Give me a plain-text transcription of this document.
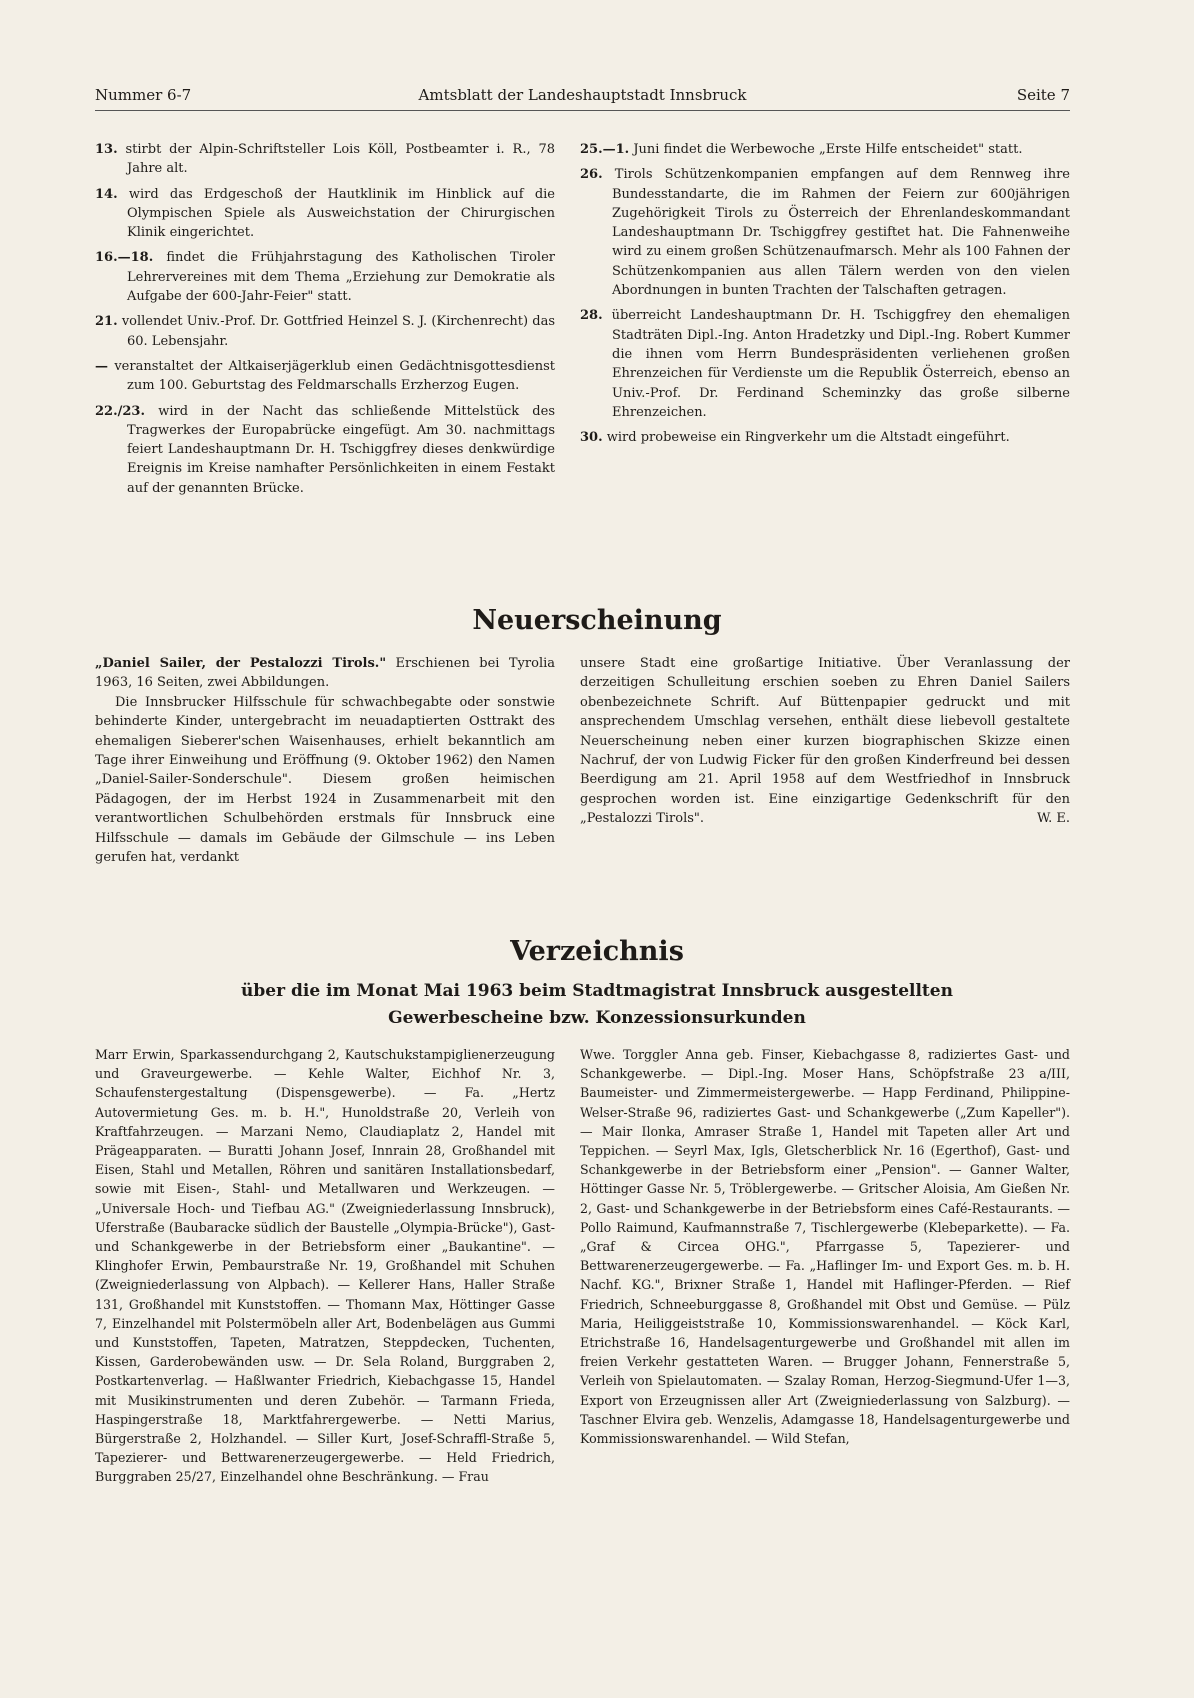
Nummer 6-7	Amtsblatt der Landeshauptstadt Innsbruck	Seite 7

13. stirbt der Alpin-Schriftsteller Lois Köll, Postbeamter i. R., 78 Jahre alt.

14. wird das Erdgeschoß der Hautklinik im Hinblick auf die Olympischen Spiele als Ausweichstation der Chirurgischen Klinik eingerichtet.

16.—18. findet die Frühjahrstagung des Katholischen Tiroler Lehrervereines mit dem Thema „Erziehung zur Demokratie als Aufgabe der 600-Jahr-Feier" statt.

21. vollendet Univ.-Prof. Dr. Gottfried Heinzel S. J. (Kirchenrecht) das 60. Lebensjahr.

— veranstaltet der Altkaiserjägerklub einen Gedächtnisgottesdienst zum 100. Geburtstag des Feldmarschalls Erzherzog Eugen.

22./23. wird in der Nacht das schließende Mittelstück des Tragwerkes der Europabrücke eingefügt. Am 30. nachmittags feiert Landeshauptmann Dr. H. Tschiggfrey dieses denkwürdige Ereignis im Kreise namhafter Persönlichkeiten in einem Festakt auf der genannten Brücke.

25.—1. Juni findet die Werbewoche „Erste Hilfe entscheidet" statt.

26. Tirols Schützenkompanien empfangen auf dem Rennweg ihre Bundesstandarte, die im Rahmen der Feiern zur 600jährigen Zugehörigkeit Tirols zu Österreich der Ehrenlandeskommandant Landeshauptmann Dr. Tschiggfrey gestiftet hat. Die Fahnenweihe wird zu einem großen Schützenaufmarsch. Mehr als 100 Fahnen der Schützenkompanien aus allen Tälern werden von den vielen Abordnungen in bunten Trachten der Talschaften getragen.

28. überreicht Landeshauptmann Dr. H. Tschiggfrey den ehemaligen Stadträten Dipl.-Ing. Anton Hradetzky und Dipl.-Ing. Robert Kummer die ihnen vom Herrn Bundespräsidenten verliehenen großen Ehrenzeichen für Verdienste um die Republik Österreich, ebenso an Univ.-Prof. Dr. Ferdinand Scheminzky das große silberne Ehrenzeichen.

30. wird probeweise ein Ringverkehr um die Altstadt eingeführt.

Neuerscheinung

„Daniel Sailer, der Pestalozzi Tirols." Erschienen bei Tyrolia 1963, 16 Seiten, zwei Abbildungen.

Die Innsbrucker Hilfsschule für schwachbegabte oder sonstwie behinderte Kinder, untergebracht im neuadaptierten Osttrakt des ehemaligen Sieberer'schen Waisenhauses, erhielt bekanntlich am Tage ihrer Einweihung und Eröffnung (9. Oktober 1962) den Namen „Daniel-Sailer-Sonderschule". Diesem großen heimischen Pädagogen, der im Herbst 1924 in Zusammenarbeit mit den verantwortlichen Schulbehörden erstmals für Innsbruck eine Hilfsschule — damals im Gebäude der Gilmschule — ins Leben gerufen hat, verdankt

unsere Stadt eine großartige Initiative. Über Veranlassung der derzeitigen Schulleitung erschien soeben zu Ehren Daniel Sailers obenbezeichnete Schrift. Auf Büttenpapier gedruckt und mit ansprechendem Umschlag versehen, enthält diese liebevoll gestaltete Neuerscheinung neben einer kurzen biographischen Skizze einen Nachruf, der von Ludwig Ficker für den großen Kinderfreund bei dessen Beerdigung am 21. April 1958 auf dem Westfriedhof in Innsbruck gesprochen worden ist. Eine einzigartige Gedenkschrift für den „Pestalozzi Tirols".	W. E.

Verzeichnis
über die im Monat Mai 1963 beim Stadtmagistrat Innsbruck ausgestellten
Gewerbescheine bzw. Konzessionsurkunden

Marr Erwin, Sparkassendurchgang 2, Kautschukstampiglienerzeugung und Graveurgewerbe. — Kehle Walter, Eichhof Nr. 3, Schaufenstergestaltung (Dispensgewerbe). — Fa. „Hertz Autovermietung Ges. m. b. H.", Hunoldstraße 20, Verleih von Kraftfahrzeugen. — Marzani Nemo, Claudiaplatz 2, Handel mit Prägeapparaten. — Buratti Johann Josef, Innrain 28, Großhandel mit Eisen, Stahl und Metallen, Röhren und sanitären Installationsbedarf, sowie mit Eisen-, Stahl- und Metallwaren und Werkzeugen. — „Universale Hoch- und Tiefbau AG." (Zweigniederlassung Innsbruck), Uferstraße (Baubaracke südlich der Baustelle „Olympia-Brücke"), Gast- und Schankgewerbe in der Betriebsform einer „Baukantine". — Klinghofer Erwin, Pembaurstraße Nr. 19, Großhandel mit Schuhen (Zweigniederlassung von Alpbach). — Kellerer Hans, Haller Straße 131, Großhandel mit Kunststoffen. — Thomann Max, Höttinger Gasse 7, Einzelhandel mit Polstermöbeln aller Art, Bodenbelägen aus Gummi und Kunststoffen, Tapeten, Matratzen, Steppdecken, Tuchenten, Kissen, Garderobewänden usw. — Dr. Sela Roland, Burggraben 2, Postkartenverlag. — Haßlwanter Friedrich, Kiebachgasse 15, Handel mit Musikinstrumenten und deren Zubehör. — Tarmann Frieda, Haspingerstraße 18, Marktfahrergewerbe. — Netti Marius, Bürgerstraße 2, Holzhandel. — Siller Kurt, Josef-Schraffl-Straße 5, Tapezierer- und Bettwarenerzeugergewerbe. — Held Friedrich, Burggraben 25/27, Einzelhandel ohne Beschränkung. — Frau

Wwe. Torggler Anna geb. Finser, Kiebachgasse 8, radiziertes Gast- und Schankgewerbe. — Dipl.-Ing. Moser Hans, Schöpfstraße 23 a/III, Baumeister- und Zimmermeistergewerbe. — Happ Ferdinand, Philippine-Welser-Straße 96, radiziertes Gast- und Schankgewerbe („Zum Kapeller"). — Mair Ilonka, Amraser Straße 1, Handel mit Tapeten aller Art und Teppichen. — Seyrl Max, Igls, Gletscherblick Nr. 16 (Egerthof), Gast- und Schankgewerbe in der Betriebsform einer „Pension". — Ganner Walter, Höttinger Gasse Nr. 5, Tröblergewerbe. — Gritscher Aloisia, Am Gießen Nr. 2, Gast- und Schankgewerbe in der Betriebsform eines Café-Restaurants. — Pollo Raimund, Kaufmannstraße 7, Tischlergewerbe (Klebeparkette). — Fa. „Graf & Circea OHG.", Pfarrgasse 5, Tapezierer- und Bettwarenerzeugergewerbe. — Fa. „Haflinger Im- und Export Ges. m. b. H. Nachf. KG.", Brixner Straße 1, Handel mit Haflinger-Pferden. — Rief Friedrich, Schneeburggasse 8, Großhandel mit Obst und Gemüse. — Pülz Maria, Heiliggeiststraße 10, Kommissionswarenhandel. — Köck Karl, Etrichstraße 16, Handelsagenturgewerbe und Großhandel mit allen im freien Verkehr gestatteten Waren. — Brugger Johann, Fennerstraße 5, Verleih von Spielautomaten. — Szalay Roman, Herzog-Siegmund-Ufer 1—3, Export von Erzeugnissen aller Art (Zweigniederlassung von Salzburg). — Taschner Elvira geb. Wenzelis, Adamgasse 18, Handelsagenturgewerbe und Kommissionswarenhandel. — Wild Stefan,
